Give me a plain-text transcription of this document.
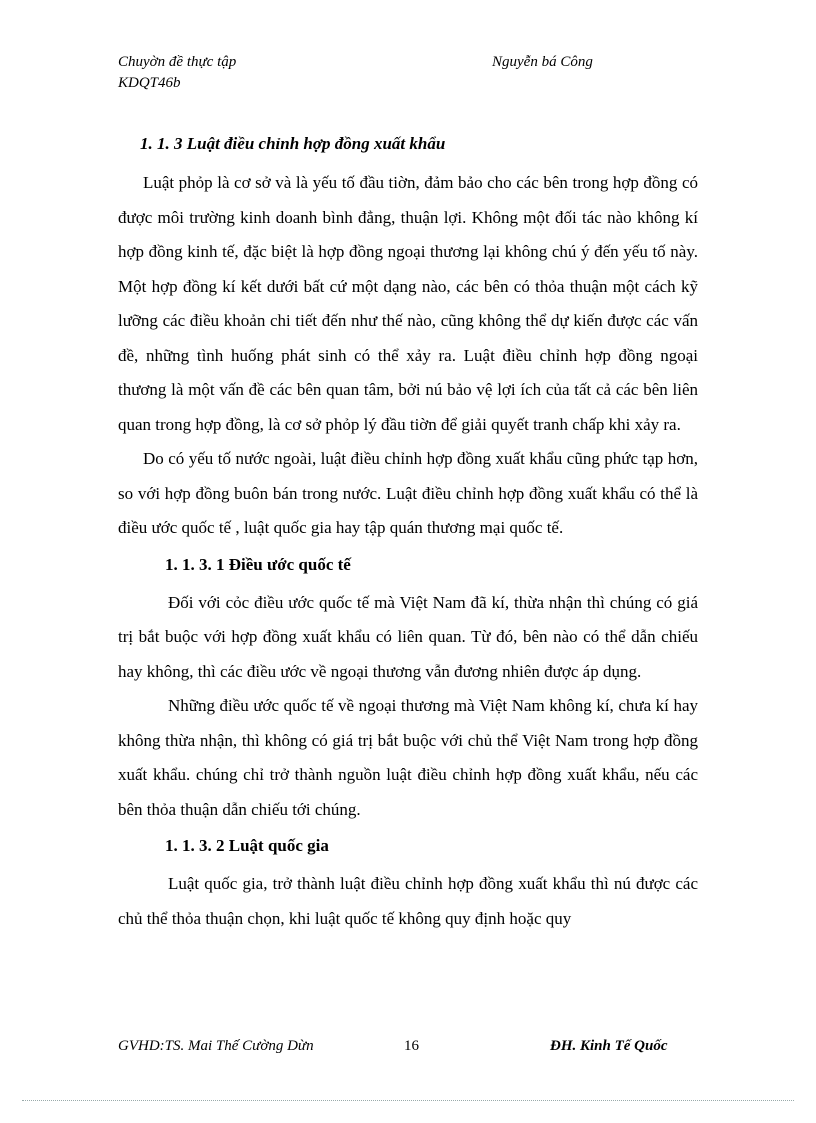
Chuyờn đề thực tập
KDQT46b
Nguyễn bá Công
1. 1. 3 Luật điều chỉnh hợp đồng xuất khẩu

Luật phỏp là cơ sở và là yếu tố đầu tiờn, đảm bảo cho các bên trong hợp đồng có được môi trường kinh doanh bình đẳng, thuận lợi. Không một đối tác nào không kí hợp đồng kinh tế, đặc biệt là hợp đồng ngoại thương lại không chú ý đến yếu tố này. Một hợp đồng kí kết dưới bất cứ một dạng nào, các bên có thỏa thuận một cách kỹ lưỡng các điều khoản chi tiết đến như thế nào, cũng không thể dự kiến được các vấn đề, những tình huống phát sinh có thể xảy ra. Luật điều chỉnh hợp đồng ngoại thương là một vấn đề các bên quan tâm, bởi nú bảo vệ lợi ích của tất cả các bên liên quan trong hợp đồng, là cơ sở phỏp lý đầu tiờn để giải quyết tranh chấp khi xảy ra.

Do có yếu tố nước ngoài, luật điều chỉnh hợp đồng xuất khẩu cũng phức tạp hơn, so với hợp đồng buôn bán trong nước. Luật điều chỉnh hợp đồng xuất khẩu có thể là điều ước quốc tế , luật quốc gia hay tập quán thương mại quốc tế.

1. 1. 3. 1 Điều ước quốc tế

Đối với cỏc điều ước quốc tế mà Việt Nam đã kí, thừa nhận thì chúng có giá trị bắt buộc với hợp đồng xuất khẩu có liên quan. Từ đó, bên nào có thể dẫn chiếu hay không, thì các điều ước về ngoại thương vẫn đương nhiên được áp dụng.

Những điều ước quốc tế về ngoại thương mà Việt Nam không kí, chưa kí hay không thừa nhận, thì không có giá trị bắt buộc với chủ thể Việt Nam trong hợp đồng xuất khẩu. chúng chỉ trở thành nguồn luật điều chỉnh hợp đồng xuất khẩu, nếu các bên thỏa thuận dẫn chiếu tới chúng.

1. 1. 3. 2 Luật quốc gia

Luật quốc gia, trở thành luật điều chỉnh hợp đồng xuất khẩu thì nú được các chủ thể thỏa thuận chọn, khi luật quốc tế không quy định hoặc quy

GVHD:TS. Mai Thế Cường Dừn	16	ĐH. Kinh Tế Quốc
